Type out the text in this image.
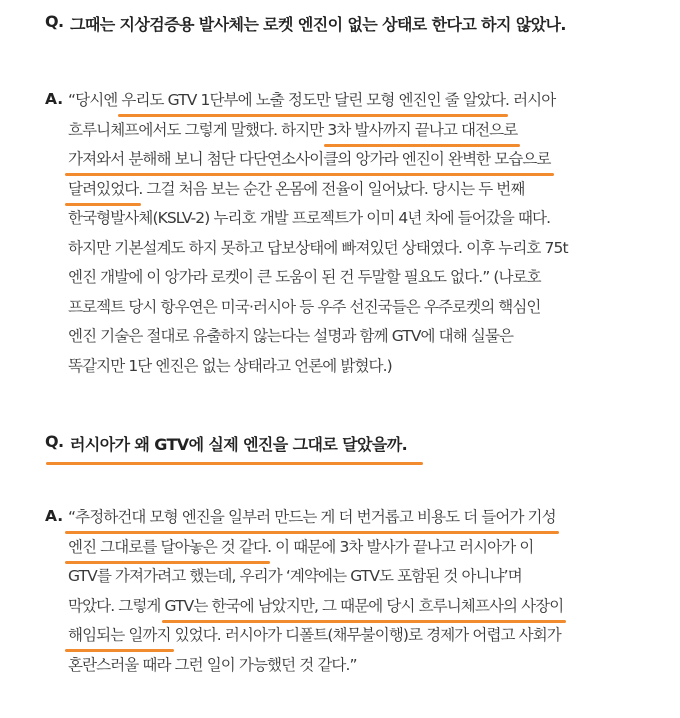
Q. 그때는 지상검증용 발사체는 로켓 엔진이 없는 상태로 한다고 하지 않았나.
A. “당시엔 우리도 GTV 1단부에 노출 정도만 달린 모형 엔진인 줄 알았다. 러시아
흐루니체프에서도 그렇게 말했다. 하지만 3차 발사까지 끝나고 대전으로
가져와서 분해해 보니 첨단 다단연소사이클의 앙가라 엔진이 완벽한 모습으로
달려있었다. 그걸 처음 보는 순간 온몸에 전율이 일어났다. 당시는 두 번째
한국형발사체(KSLV-2) 누리호 개발 프로젝트가 이미 4년 차에 들어갔을 때다.
하지만 기본설계도 하지 못하고 답보상태에 빠져있던 상태였다. 이후 누리호 75t
엔진 개발에 이 앙가라 로켓이 큰 도움이 된 건 두말할 필요도 없다.” (나로호
프로젝트 당시 항우연은 미국·러시아 등 우주 선진국들은 우주로켓의 핵심인
엔진 기술은 절대로 유출하지 않는다는 설명과 함께 GTV에 대해 실물은
똑같지만 1단 엔진은 없는 상태라고 언론에 밝혔다.)
Q. 러시아가 왜 GTV에 실제 엔진을 그대로 달았을까.
A. “추정하건대 모형 엔진을 일부러 만드는 게 더 번거롭고 비용도 더 들어가 기성
엔진 그대로를 달아놓은 것 같다. 이 때문에 3차 발사가 끝나고 러시아가 이
GTV를 가져가려고 했는데, 우리가 ‘계약에는 GTV도 포함된 것 아니냐’며
막았다. 그렇게 GTV는 한국에 남았지만, 그 때문에 당시 흐루니체프사의 사장이
해임되는 일까지 있었다. 러시아가 디폴트(채무불이행)로 경제가 어렵고 사회가
혼란스러울 때라 그런 일이 가능했던 것 같다.”
